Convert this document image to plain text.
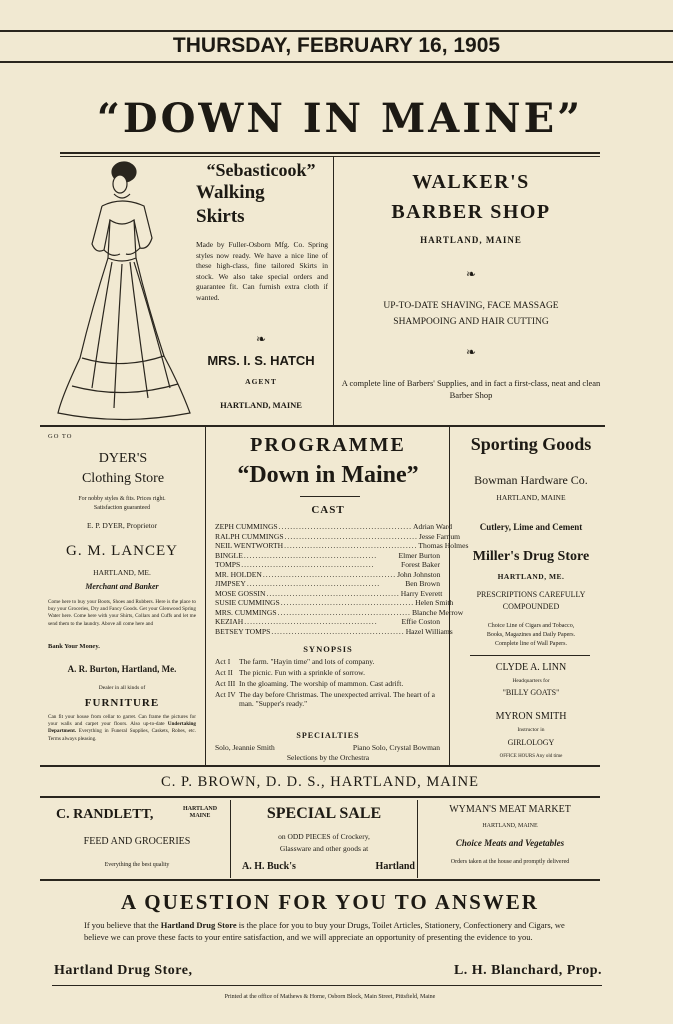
THURSDAY, FEBRUARY 16, 1905
“DOWN IN MAINE”
“Sebasticook”
Walking
Skirts
Made by Fuller-Osborn Mfg. Co. Spring styles now ready. We have a nice line of these high-class, fine tailored Skirts in stock. We also take special orders and guarantee fit. Can furnish extra cloth if wanted.
❧
MRS. I. S. HATCH
AGENT
HARTLAND, MAINE
WALKER'S
BARBER SHOP
HARTLAND, MAINE
❧
UP-TO-DATE SHAVING, FACE MASSAGE
SHAMPOOING AND HAIR CUTTING
❧
A complete line of Barbers' Supplies, and in fact a first-class, neat and clean Barber Shop
GO TO
DYER'S
Clothing Store
For nobby styles & fits. Prices right.
Satisfaction guaranteed
E. P. DYER, Proprietor
G. M. LANCEY
HARTLAND, ME.
Merchant and Banker
Come here to buy your Boots, Shoes and Rubbers. Here is the place to buy your Groceries, Dry and Fancy Goods. Get your Glenwood Spring Water here. Come here with your Shirts, Collars and Cuffs and let me send them to the laundry. Above all come here and
Bank Your Money.
A. R. Burton, Hartland, Me.
Dealer in all kinds of
FURNITURE
Can fit your house from cellar to garret. Can frame the pictures for your walls and carpet your floors. Also up-to-date Undertaking Department. Everything in Funeral Supplies, Caskets, Robes, etc. Terms always pleasing.
PROGRAMME
“Down in Maine”
CAST
ZEPH CUMMINGS .............................................. Adrian Ward
RALPH CUMMINGS .............................................. Jesse Farnum
NEIL WENTWORTH .............................................. Thomas Holmes
BINGLE ..............................................	Elmer Burton
TOMPS ..............................................	Forest Baker
MR. HOLDEN .............................................. John Johnston
JIMPSEY ..............................................	Ben Brown
MOSE GOSSIN .............................................. Harry Everett
SUSIE CUMMINGS .............................................. Helen Smith
MRS. CUMMINGS .............................................. Blanche Merrow
KEZIAH ..............................................	Effie Coston
BETSEY TOMPS .............................................. Hazel Williams
SYNOPSIS
Act I	The farm. "Hayin time" and lots of company.
Act II The picnic. Fun with a sprinkle of sorrow.
Act III In the gloaming. The worship of mammon. Cast adrift.
Act IV The day before Christmas. The unexpected arrival. The heart of a man. "Supper's ready."
SPECIALTIES
Solo, Jeannie Smith	Piano Solo, Crystal Bowman
Selections by the Orchestra
Sporting Goods
Bowman Hardware Co.
HARTLAND, MAINE
Cutlery, Lime and Cement
Miller's Drug Store
HARTLAND, ME.
PRESCRIPTIONS CAREFULLY
COMPOUNDED
Choice Line of Cigars and Tobacco,
Books, Magazines and Daily Papers.
Complete line of Wall Papers.
CLYDE A. LINN
Headquarters for
"BILLY GOATS"
MYRON SMITH
Instructor in
GIRLOLOGY
OFFICE HOURS Any old time
C. P. BROWN, D. D. S., HARTLAND, MAINE
C. RANDLETT,	HARTLAND
MAINE
FEED AND GROCERIES
Everything the best quality
SPECIAL SALE
on ODD PIECES of Crockery,
Glassware and other goods at
A. H. Buck's	Hartland
WYMAN'S MEAT MARKET
HARTLAND, MAINE
Choice Meats and Vegetables
Orders taken at the house and promptly delivered
A QUESTION FOR YOU TO ANSWER
If you believe that the Hartland Drug Store is the place for you to buy your Drugs, Toilet Articles, Stationery, Confectionery and Cigars, we believe we can prove these facts to your entire satisfaction, and we will appreciate an opportunity of presenting the evidence to you.
Hartland Drug Store,	L. H. Blanchard, Prop.
Printed at the office of Mathews & Horne, Osborn Block, Main Street, Pittsfield, Maine
